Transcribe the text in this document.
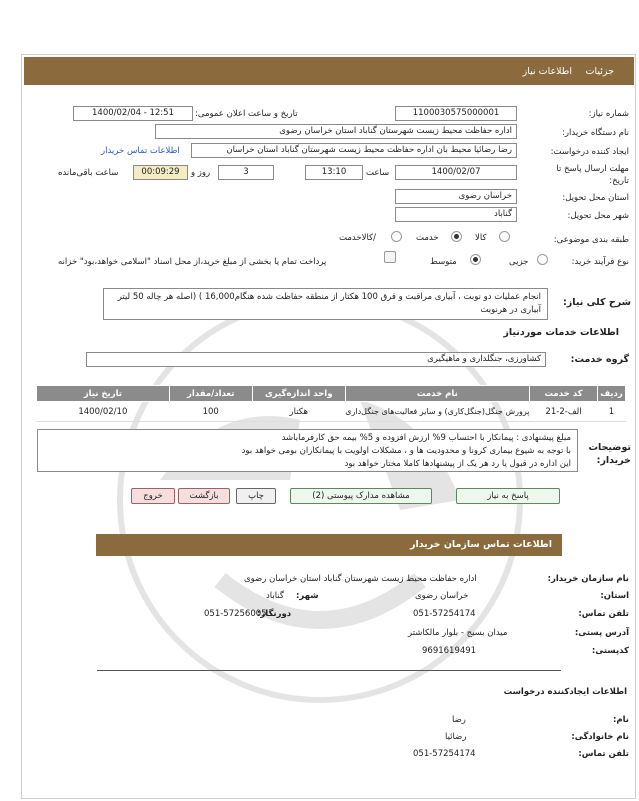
جزئیات
اطلاعات نیاز
شماره نیاز:
1100030575000001
تاریخ و ساعت اعلان عمومی:
1400/02/04 - 12:51
نام دستگاه خریدار:
اداره حفاظت محیط زیست شهرستان گناباد استان خراسان رضوی
ایجاد کننده درخواست:
رضا رضائیا محیط بان اداره حفاظت محیط زیست شهرستان گناباد استان خراسان
اطلاعات تماس خریدار
مهلت ارسال پاسخ تا تاریخ:
1400/02/07
ساعت
13:10
3
روز و
00:09:29
ساعت باقی‌مانده
استان محل تحویل:
خراسان رضوی
شهر محل تحویل:
گناباد
طبقه بندی موضوعی:
کالا
خدمت
/کالاخدمت
نوع فرآیند خرید:
جزیی
متوسط
پرداخت تمام یا بخشی از مبلغ خرید،از محل اسناد "اسلامی خواهد،بود" خزانه
شرح کلی نیاز:
انجام عملیات دو نوبت ، آبیاری مراقبت و قرق 100 هکتار از منطقه حفاظت شده هنگام16,000 ) (اصله هر چاله 50 لیتر آبیاری در هرنوبت
اطلاعات خدمات موردنیاز
گروه خدمت:
کشاورزی، جنگلداری و ماهیگیری
ردیف	کد خدمت	نام خدمت	واحد اندازه‌گیری	تعداد/مقدار	تاریخ نیاز
1	الف-2-21	پرورش جنگل(جنگل‌کاری) و سایر فعالیت‌های جنگل‌داری	هکتار	100	1400/02/10
توضیحات خریدار:
مبلغ پیشنهادی : پیمانکار با احتساب 9% ارزش افزوده و 5% بیمه حق کارفرماباشد
با توجه به شیوع بیماری کرونا و محدودیت ها و ، مشکلات اولویت با پیمانکاران بومی خواهد بود
این اداره در قبول یا رد هر یک از پیشنهادها کاملا مختار خواهد بود
پاسخ به نیاز
مشاهده مدارک پیوستی (2)
چاپ
بازگشت
خروج
اطلاعات تماس سازمان خریدار
نام سازمان خریدار:
اداره حفاظت محیط زیست شهرستان گناباد استان خراسان رضوی
استان:
خراسان رضوی
شهر:
گناباد
تلفن تماس:
051-57254174
دورنگار:
051-57256005
آدرس پستی:
میدان بسیج - بلوار مالکاشتر
کدپستی:
9691619491
اطلاعات ایجادکننده درخواست
نام:
رضا
نام خانوادگی:
رضائیا
تلفن تماس:
051-57254174
